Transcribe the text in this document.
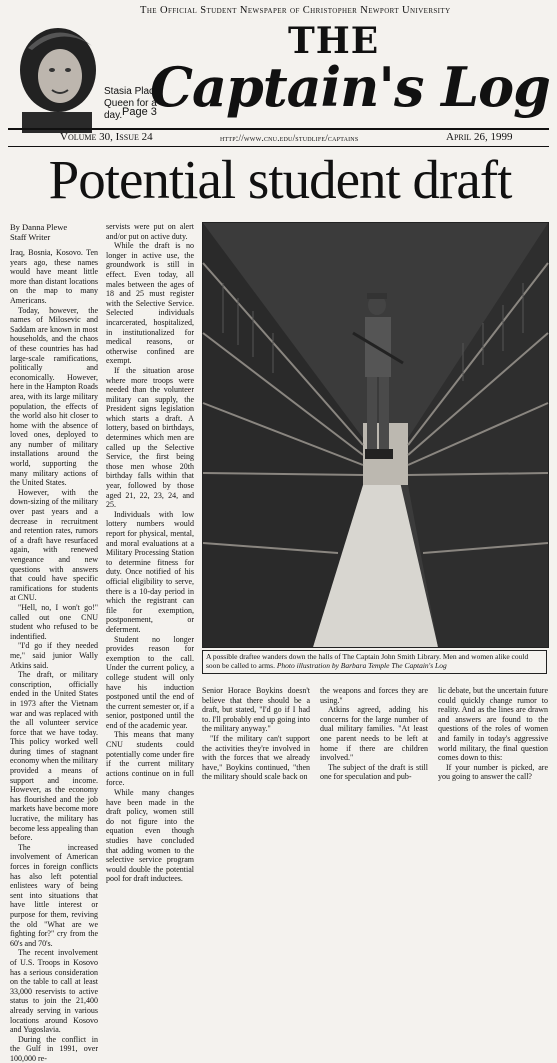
The Official Student Newspaper of Christopher Newport University
Stasia Place: Queen for a day. Page 3
THE
Captain's Log
Volume 30, Issue 24	http://www.cnu.edu/studlife/captains	April 26, 1999
Potential student draft
By Danna Plewe
Staff Writer

Iraq, Bosnia, Kosovo. Ten years ago, these names would have meant little more than distant locations on the map to many Americans.

Today, however, the names of Milosevic and Saddam are known in most households, and the chaos of these countries has had large-scale ramifications, politically and economically. However, here in the Hampton Roads area, with its large military population, the effects of the world also hit closer to home with the absence of loved ones, deployed to any number of military installations around the world, supporting the many military actions of the United States.

However, with the down-sizing of the military over past years and a decrease in recruitment and retention rates, rumors of a draft have resurfaced again, with renewed vengeance and new questions with answers that could have specific ramifications for students at CNU.

"Hell, no, I won't go!" called out one CNU student who refused to be indentified.

"I'd go if they needed me," said junior Wally Atkins said.

The draft, or military conscription, officially ended in the United States in 1973 after the Vietnam war and was replaced with the all volunteer service force that we have today. This policy worked well during times of stagnant economy when the military provided a means of support and income. However, as the economy has flourished and the job markets have become more lucrative, the military has become less appealing than before.

The increased involvement of American forces in foreign conflicts has also left potential enlistees wary of being sent into situations that have little interest or purpose for them, reviving the old "What are we fighting for?" cry from the 60's and 70's.

The recent involvement of U.S. Troops in Kosovo has a serious consideration on the table to call at least 33,000 reservists to active status to join the 21,400 already serving in various locations around Kosovo and Yugoslavia.

During the conflict in the Gulf in 1991, over 100,000 re-

servists were put on alert and/or put on active duty.

While the draft is no longer in active use, the groundwork is still in effect. Even today, all males between the ages of 18 and 25 must register with the Selective Service. Selected individuals incarcerated, hospitalized, in institutionalized for medical reasons, or otherwise confined are exempt.

If the situation arose where more troops were needed than the volunteer military can supply, the President signs legislation which starts a draft. A lottery, based on birthdays, determines which men are called up the Selective Service, the first being those men whose 20th birthday falls within that year, followed by those aged 21, 22, 23, 24, and 25.

Individuals with low lottery numbers would report for physical, mental, and moral evaluations at a Military Processing Station to determine fitness for duty. Once notified of his official eligibility to serve, there is a 10-day period in which the registrant can file for exemption, postponement, or deferment.

Student no longer provides reason for exemption to the call. Under the current policy, a college student will only have his induction postponed until the end of the current semester or, if a senior, postponed until the end of the academic year.

This means that many CNU students could potentially come under fire if the current military actions continue on in full force.

While many changes have been made in the draft policy, women still do not figure into the equation even though studies have concluded that adding women to the selective service program would double the potential pool for draft inductees.

A possible draftee wanders down the halls of The Captain John Smith Library. Men and women alike could soon be called to arms. Photo illustration by Barbara Temple The Captain's Log

Senior Horace Boykins doesn't believe that there should be a draft, but stated, "I'd go if I had to. I'll probably end up going into the military anyway."

"If the military can't support the activities they're involved in with the forces that we already have," Boykins continued, "then the military should scale back on

the weapons and forces they are using."

Atkins agreed, adding his concerns for the large number of dual military families. "At least one parent needs to be left at home if there are children involved."

The subject of the draft is still one for speculation and pub-

lic debate, but the uncertain future could quickly change rumor to reality. And as the lines are drawn and answers are found to the questions of the roles of women and family in today's aggressive world military, the final question comes down to this:

If your number is picked, are you going to answer the call?
